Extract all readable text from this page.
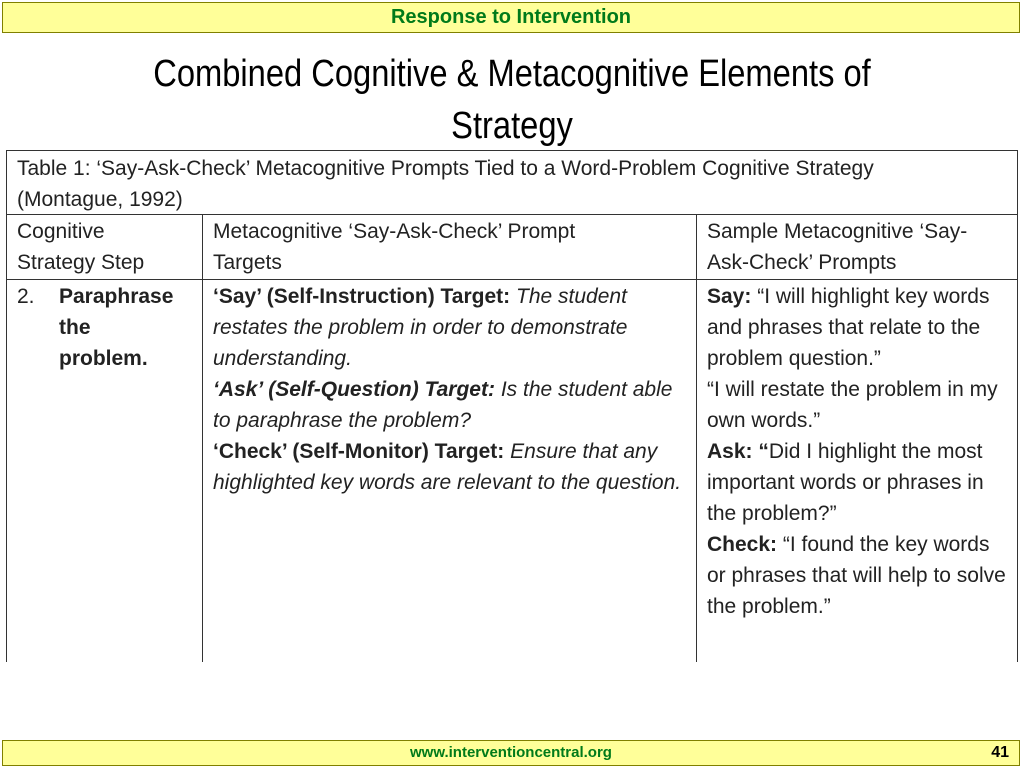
Response to Intervention
Combined Cognitive & Metacognitive Elements of
Strategy
Table 1: ‘Say-Ask-Check’ Metacognitive Prompts Tied to a Word-Problem Cognitive Strategy
(Montague, 1992)
Cognitive
Strategy Step
Metacognitive ‘Say-Ask-Check’ Prompt
Targets
Sample Metacognitive ‘Say-
Ask-Check’ Prompts
2. Paraphrase
the
problem.
‘Say’ (Self-Instruction) Target: The student restates the problem in order to demonstrate understanding.
‘Ask’ (Self-Question) Target: Is the student able to paraphrase the problem?
‘Check’ (Self-Monitor) Target: Ensure that any highlighted key words are relevant to the question.
Say: “I will highlight key words and phrases that relate to the problem question.”
“I will restate the problem in my own words.”
Ask: “Did I highlight the most important words or phrases in the problem?”
Check: “I found the key words or phrases that will help to solve the problem.”
www.interventioncentral.org	41
